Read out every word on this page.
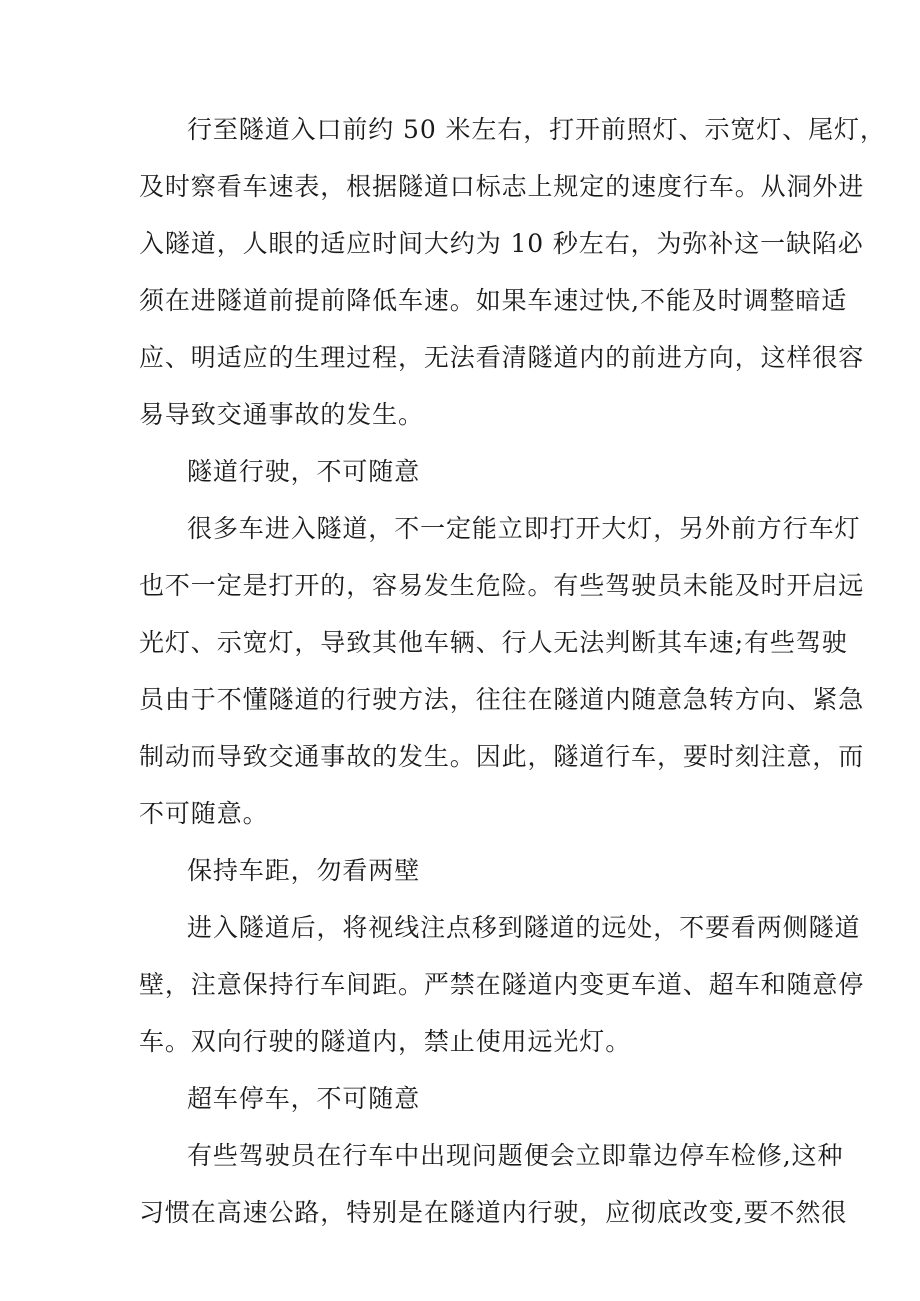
行至隧道入口前约 50 米左右，打开前照灯、示宽灯、尾灯，
及时察看车速表，根据隧道口标志上规定的速度行车。从洞外进
入隧道，人眼的适应时间大约为 10 秒左右，为弥补这一缺陷必
须在进隧道前提前降低车速。如果车速过快,不能及时调整暗适
应、明适应的生理过程，无法看清隧道内的前进方向，这样很容
易导致交通事故的发生。
隧道行驶，不可随意
很多车进入隧道，不一定能立即打开大灯，另外前方行车灯
也不一定是打开的，容易发生危险。有些驾驶员未能及时开启远
光灯、示宽灯，导致其他车辆、行人无法判断其车速;有些驾驶
员由于不懂隧道的行驶方法，往往在隧道内随意急转方向、紧急
制动而导致交通事故的发生。因此，隧道行车，要时刻注意，而
不可随意。
保持车距，勿看两壁
进入隧道后，将视线注点移到隧道的远处，不要看两侧隧道
壁，注意保持行车间距。严禁在隧道内变更车道、超车和随意停
车。双向行驶的隧道内，禁止使用远光灯。
超车停车，不可随意
有些驾驶员在行车中出现问题便会立即靠边停车检修,这种
习惯在高速公路，特别是在隧道内行驶，应彻底改变,要不然很
